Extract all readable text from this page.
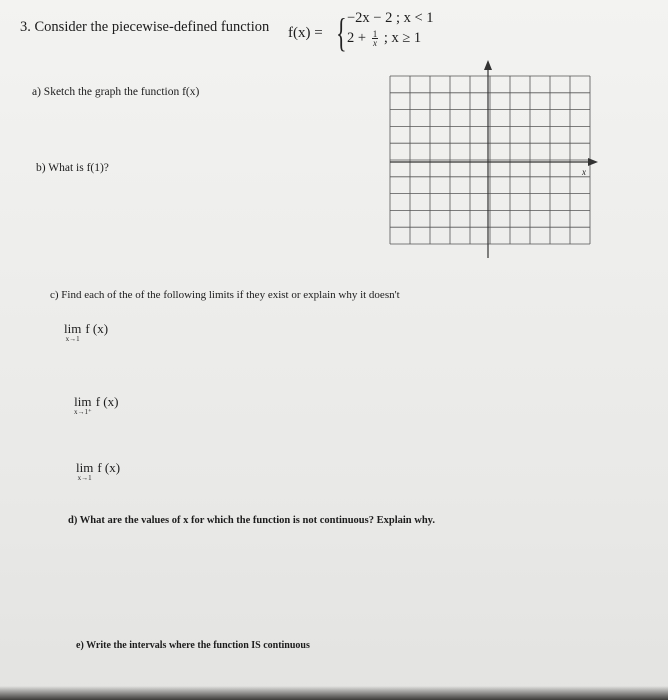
3. Consider the piecewise-defined function f(x) = { −2x − 2 ; x < 1
$2 + \frac{1}{x}$ ; x ≥ 1
a) Sketch the graph the function f(x)
b) What is f(1)?
c) Find each of the of the following limits if they exist or explain why it doesn't
lim
x→1
f (x)
lim
x→1⁺
f (x)
lim
x→1
f (x)
d) What are the values of x for which the function is not continuous? Explain why.
e) Write the intervals where the function IS continuous
x
